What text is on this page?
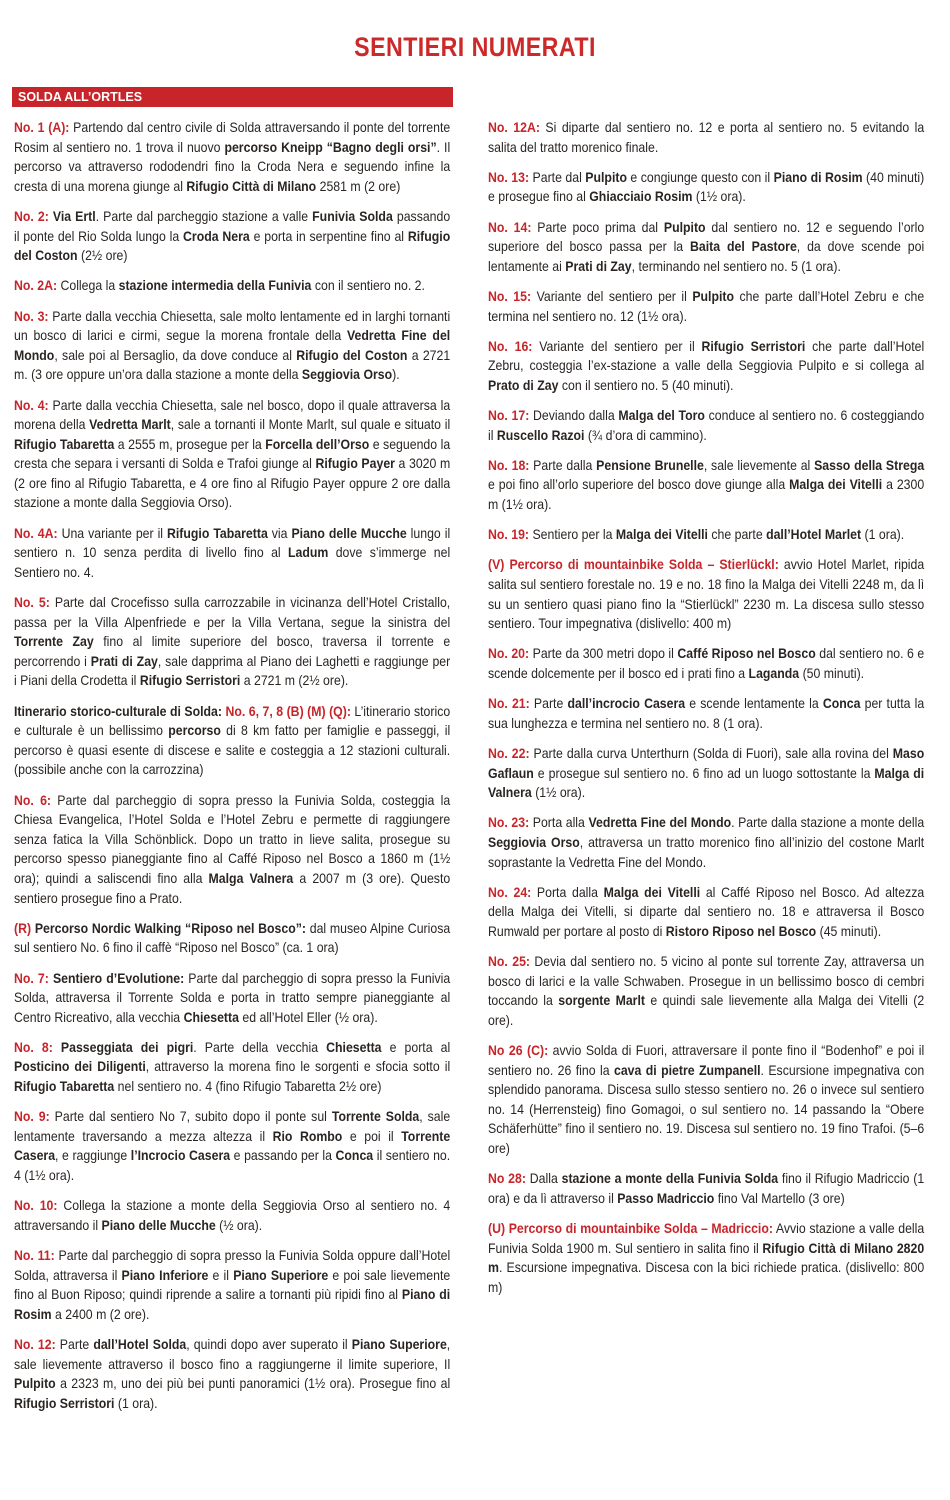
SENTIERI NUMERATI
SOLDA ALL’ORTLES

No. 1 (A): Partendo dal centro civile di Solda attraversando il ponte del torrente Rosim al sentiero no. 1 trova il nuovo percorso Kneipp “Bagno degli orsi”. Il percorso va attraverso rododendri fino la Croda Nera e seguendo infine la cresta di una morena giunge al Rifugio Città di Milano 2581 m (2 ore)

No. 2: Via Ertl. Parte dal parcheggio stazione a valle Funivia Solda passando il ponte del Rio Solda lungo la Croda Nera e porta in serpentine fino al Rifugio del Coston (2½ ore)

No. 2A: Collega la stazione intermedia della Funivia con il sentiero no. 2.

No. 3: Parte dalla vecchia Chiesetta, sale molto lentamente ed in larghi tornanti un bosco di larici e cirmi, segue la morena frontale della Vedretta Fine del Mondo, sale poi al Bersaglio, da dove conduce al Rifugio del Coston a 2721 m. (3 ore oppure un’ora dalla stazione a monte della Seggiovia Orso).

No. 4: Parte dalla vecchia Chiesetta, sale nel bosco, dopo il quale attraversa la morena della Vedretta Marlt, sale a tornanti il Monte Marlt, sul quale e situato il Rifugio Tabaretta a 2555 m, prosegue per la Forcella dell’Orso e seguendo la cresta che separa i versanti di Solda e Trafoi giunge al Rifugio Payer a 3020 m (2 ore fino al Rifugio Tabaretta, e 4 ore fino al Rifugio Payer oppure 2 ore dalla stazione a monte dalla Seggiovia Orso).

No. 4A: Una variante per il Rifugio Tabaretta via Piano delle Mucche lungo il sentiero n. 10 senza perdita di livello fino al Ladum dove s’immerge nel Sentiero no. 4.

No. 5: Parte dal Crocefisso sulla carrozzabile in vicinanza dell’Hotel Cristallo, passa per la Villa Alpenfriede e per la Villa Vertana, segue la sinistra del Torrente Zay fino al limite superiore del bosco, traversa il torrente e percorrendo i Prati di Zay, sale dapprima al Piano dei Laghetti e raggiunge per i Piani della Crodetta il Rifugio Serristori a 2721 m (2½ ore).

Itinerario storico-culturale di Solda: No. 6, 7, 8 (B) (M) (Q): L’itinerario storico e culturale è un bellissimo percorso di 8 km fatto per famiglie e passeggi, il percorso è quasi esente di discese e salite e costeggia a 12 stazioni culturali. (possibile anche con la carrozzina)

No. 6: Parte dal parcheggio di sopra presso la Funivia Solda, costeggia la Chiesa Evangelica, l’Hotel Solda e l’Hotel Zebru e permette di raggiungere senza fatica la Villa Schönblick. Dopo un tratto in lieve salita, prosegue su percorso spesso pianeggiante fino al Caffé Riposo nel Bosco a 1860 m (1½ ora); quindi a saliscendi fino alla Malga Valnera a 2007 m (3 ore). Questo sentiero prosegue fino a Prato.

(R) Percorso Nordic Walking “Riposo nel Bosco”: dal museo Alpine Curiosa sul sentiero No. 6 fino il caffè “Riposo nel Bosco” (ca. 1 ora)

No. 7: Sentiero d’Evolutione: Parte dal parcheggio di sopra presso la Funivia Solda, attraversa il Torrente Solda e porta in tratto sempre pianeggiante al Centro Ricreativo, alla vecchia Chiesetta ed all’Hotel Eller (½ ora).

No. 8: Passeggiata dei pigri. Parte della vecchia Chiesetta e porta al Posticino dei Diligenti, attraverso la morena fino le sorgenti e sfocia sotto il Rifugio Tabaretta nel sentiero no. 4 (fino Rifugio Tabaretta 2½ ore)

No. 9: Parte dal sentiero No 7, subito dopo il ponte sul Torrente Solda, sale lentamente traversando a mezza altezza il Rio Rombo e poi il Torrente Casera, e raggiunge l’Incrocio Casera e passando per la Conca il sentiero no. 4 (1½ ora).

No. 10: Collega la stazione a monte della Seggiovia Orso al sentiero no. 4 attraversando il Piano delle Mucche (½ ora).

No. 11: Parte dal parcheggio di sopra presso la Funivia Solda oppure dall’Hotel Solda, attraversa il Piano Inferiore e il Piano Superiore e poi sale lievemente fino al Buon Riposo; quindi riprende a salire a tornanti più ripidi fino al Piano di Rosim a 2400 m (2 ore).

No. 12: Parte dall’Hotel Solda, quindi dopo aver superato il Piano Superiore, sale lievemente attraverso il bosco fino a raggiungerne il limite superiore, Il Pulpito a 2323 m, uno dei più bei punti panoramici (1½ ora). Prosegue fino al Rifugio Serristori (1 ora).

No. 12A: Si diparte dal sentiero no. 12 e porta al sentiero no. 5 evitando la salita del tratto morenico finale.

No. 13: Parte dal Pulpito e congiunge questo con il Piano di Rosim (40 minuti) e prosegue fino al Ghiacciaio Rosim (1½ ora).

No. 14: Parte poco prima dal Pulpito dal sentiero no. 12 e seguendo l’orlo superiore del bosco passa per la Baita del Pastore, da dove scende poi lentamente ai Prati di Zay, terminando nel sentiero no. 5 (1 ora).

No. 15: Variante del sentiero per il Pulpito che parte dall’Hotel Zebru e che termina nel sentiero no. 12 (1½ ora).

No. 16: Variante del sentiero per il Rifugio Serristori che parte dall’Hotel Zebru, costeggia l’ex-stazione a valle della Seggiovia Pulpito e si collega al Prato di Zay con il sentiero no. 5 (40 minuti).

No. 17: Deviando dalla Malga del Toro conduce al sentiero no. 6 costeggiando il Ruscello Razoi (¾ d’ora di cammino).

No. 18: Parte dalla Pensione Brunelle, sale lievemente al Sasso della Strega e poi fino all’orlo superiore del bosco dove giunge alla Malga dei Vitelli a 2300 m (1½ ora).

No. 19: Sentiero per la Malga dei Vitelli che parte dall’Hotel Marlet (1 ora).

(V) Percorso di mountainbike Solda – Stierlückl: avvio Hotel Marlet, ripida salita sul sentiero forestale no. 19 e no. 18 fino la Malga dei Vitelli 2248 m, da lì su un sentiero quasi piano fino la “Stierlückl” 2230 m. La discesa sullo stesso sentiero. Tour impegnativa (dislivello: 400 m)

No. 20: Parte da 300 metri dopo il Caffé Riposo nel Bosco dal sentiero no. 6 e scende dolcemente per il bosco ed i prati fino a Laganda (50 minuti).

No. 21: Parte dall’incrocio Casera e scende lentamente la Conca per tutta la sua lunghezza e termina nel sentiero no. 8 (1 ora).

No. 22: Parte dalla curva Unterthurn (Solda di Fuori), sale alla rovina del Maso Gaflaun e prosegue sul sentiero no. 6 fino ad un luogo sottostante la Malga di Valnera (1½ ora).

No. 23: Porta alla Vedretta Fine del Mondo. Parte dalla stazione a monte della Seggiovia Orso, attraversa un tratto morenico fino all’inizio del costone Marlt soprastante la Vedretta Fine del Mondo.

No. 24: Porta dalla Malga dei Vitelli al Caffé Riposo nel Bosco. Ad altezza della Malga dei Vitelli, si diparte dal sentiero no. 18 e attraversa il Bosco Rumwald per portare al posto di Ristoro Riposo nel Bosco (45 minuti).

No. 25: Devia dal sentiero no. 5 vicino al ponte sul torrente Zay, attraversa un bosco di larici e la valle Schwaben. Prosegue in un bellissimo bosco di cembri toccando la sorgente Marlt e quindi sale lievemente alla Malga dei Vitelli (2 ore).

No 26 (C): avvio Solda di Fuori, attraversare il ponte fino il “Bodenhof” e poi il sentiero no. 26 fino la cava di pietre Zumpanell. Escursione impegnativa con splendido panorama. Discesa sullo stesso sentiero no. 26 o invece sul sentiero no. 14 (Herrensteig) fino Gomagoi, o sul sentiero no. 14 passando la “Obere Schäferhütte” fino il sentiero no. 19. Discesa sul sentiero no. 19 fino Trafoi. (5–6 ore)

No 28: Dalla stazione a monte della Funivia Solda fino il Rifugio Madriccio (1 ora) e da lì attraverso il Passo Madriccio fino Val Martello (3 ore)

(U) Percorso di mountainbike Solda – Madriccio: Avvio stazione a valle della Funivia Solda 1900 m. Sul sentiero in salita fino il Rifugio Città di Milano 2820 m. Escursione impegnativa. Discesa con la bici richiede pratica. (dislivello: 800 m)
